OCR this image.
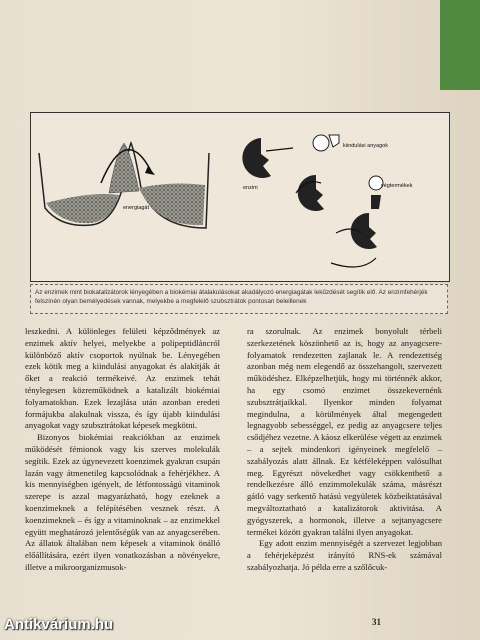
energiagát
kiindulási anyagok
végtermékek
enzim
Az enzimek mint biokatalizátorok lényegében a biokémiai átalakulásokat akadályozó energiagátak lekűzdését segítik elő. Az enzimfehérjék felszínén olyan bemélyedések vannak, melyekbe a megfelelő szubsztrátok pontosan beleillenek

leszkedni. A különleges felületi képződmények az enzimek aktív helyei, melyekbe a polipeptidláncról különböző aktív csoportok nyúlnak be. Lényegében ezek kötik meg a kiindulási anyagokat és alakítják át őket a reakció termékeivé. Az enzimek tehát ténylegesen közreműködnek a katalizált biokémiai folyamatokban. Ezek lezajlása után azonban eredeti formájukba alakulnak vissza, és így újabb kiindulási anyagokat vagy szubsztrátokat képesek megkötni.

Bizonyos biokémiai reakciókban az enzimek működését fémionok vagy kis szerves molekulák segítik. Ezek az úgynevezett koenzimek gyakran csupán lazán vagy átmenetileg kapcsolódnak a fehérjékhez. A kis mennyiségben igényelt, de létfontosságú vitaminok szerepe is azzal magyarázható, hogy ezeknek a koenzimeknek a felépítésében vesznek részt. A koenzimeknek – és így a vitaminoknak – az enzimekkel együtt meghatározó jelentőségük van az anyagcserében. Az állatok általában nem képesek a vitaminok önálló előállítására, ezért ilyen vonatkozásban a növényekre, illetve a mikroorganizmusok-

ra szorulnak. Az enzimek bonyolult térbeli szerkezetének köszönhető az is, hogy az anyagcsere-folyamatok rendezetten zajlanak le. A rendezettség azonban még nem elegendő az összehangolt, szervezett működéshez. Elképzelhetjük, hogy mi történnék akkor, ha egy csomó enzimet összekevernénk szubsztrátjaikkal. Ilyenkor minden folyamat megindulna, a körülmények által megengedett legnagyobb sebességgel, ez pedig az anyagcsere teljes csődjéhez vezetne. A káosz elkerülése végett az enzimek – a sejtek mindenkori igényeinek megfelelő – szabályozás alatt állnak. Ez kétféleképpen valósulhat meg. Egyrészt növekedhet vagy csökkenthető a rendelkezésre álló enzimmolekulák száma, másrészt gátló vagy serkentő hatású vegyületek közbeiktatásával megváltoztatható a katalizátorok aktivitása. A gyógyszerek, a hormonok, illetve a sejtanyagcsere termékei között gyakran találni ilyen anyagokat.

Egy adott enzim mennyiségét a szervezet legjobban a fehérjeképzést irányító RNS-ek számával szabályozhatja. Jó példa erre a szőlőcuk-

31
Antikvárium.hu
